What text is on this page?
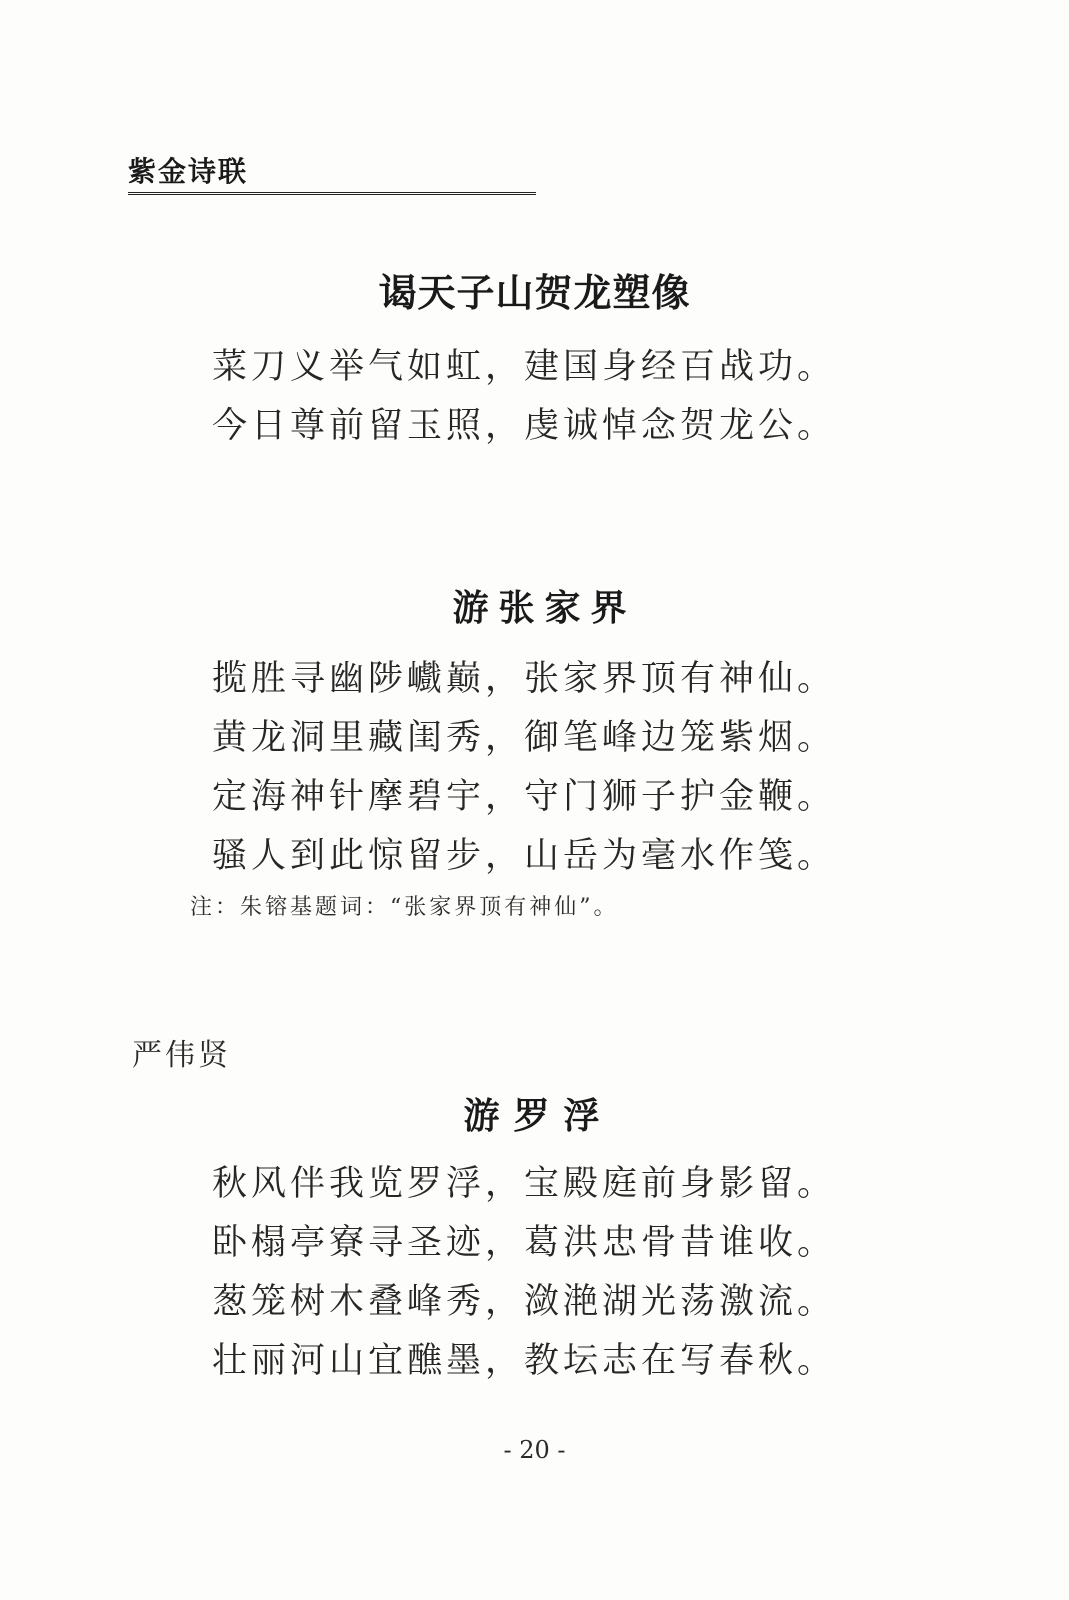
紫金诗联
谒天子山贺龙塑像
菜刀义举气如虹，建国身经百战功。
今日尊前留玉照，虔诚悼念贺龙公。
游张家界
揽胜寻幽陟巇巅，张家界顶有神仙。
黄龙洞里藏闺秀，御笔峰边笼紫烟。
定海神针摩碧宇，守门狮子护金鞭。
骚人到此惊留步，山岳为毫水作笺。
注：朱镕基题词：“张家界顶有神仙”。
严伟贤
游罗浮
秋风伴我览罗浮，宝殿庭前身影留。
卧榻亭寮寻圣迹，葛洪忠骨昔谁收。
葱笼树木叠峰秀，潋滟湖光荡激流。
壮丽河山宜醮墨，教坛志在写春秋。
- 20 -
